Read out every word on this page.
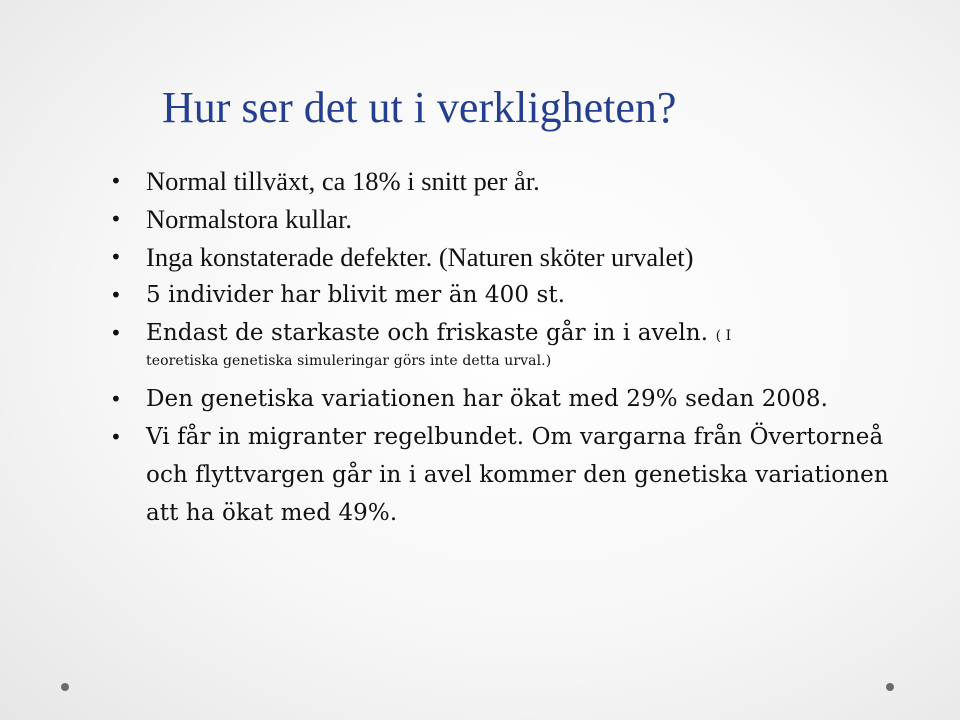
Hur ser det ut i verkligheten?
• Normal tillväxt, ca 18% i snitt per år.
• Normalstora kullar.
• Inga konstaterade defekter. (Naturen sköter urvalet)
• 5 individer har blivit mer än 400 st.
• Endast de starkaste och friskaste går in i aveln. ( I
teoretiska genetiska simuleringar görs inte detta urval.)
• Den genetiska variationen har ökat med 29% sedan 2008.
• Vi får in migranter regelbundet. Om vargarna från Övertorneå och flyttvargen går in i avel kommer den genetiska variationen att ha ökat med 49%.
